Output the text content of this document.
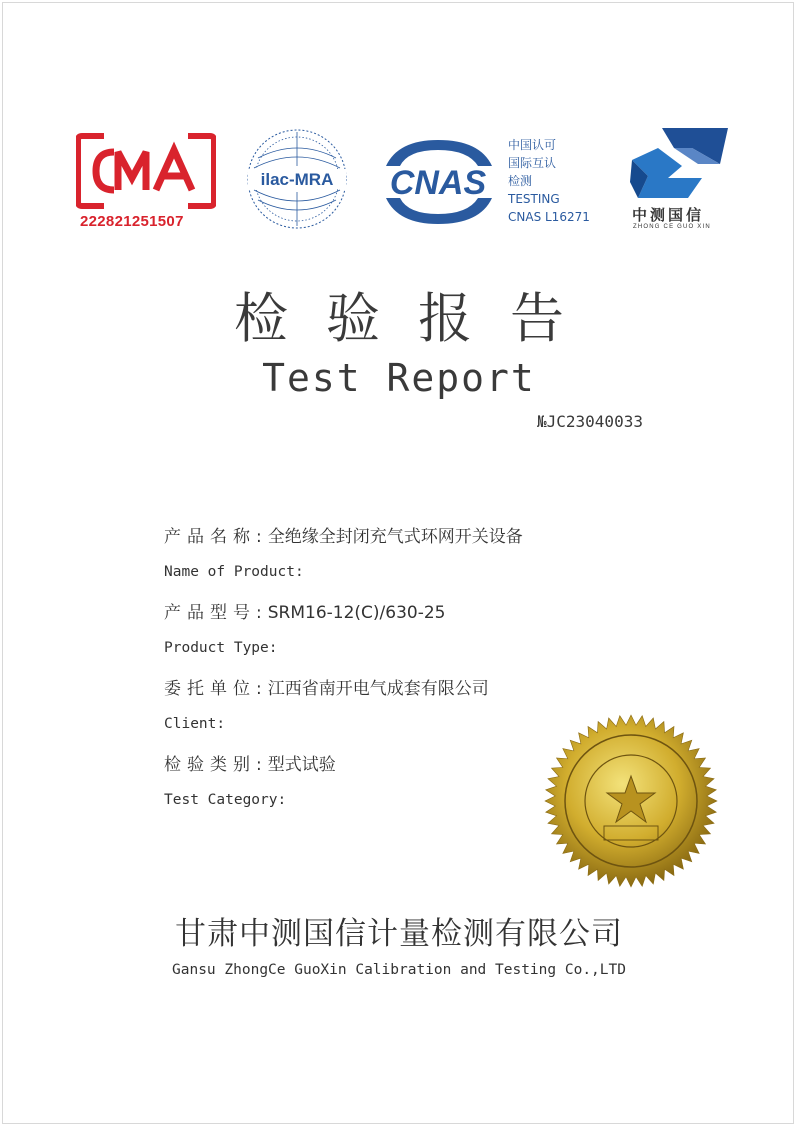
222821251507
ilac-MRA CNAS
中国认可
国际互认
检测
TESTING
CNAS L16271	中测国信
ZHONG CE GUO XIN
检验报告
Test Report
№JC23040033
产品名称:全绝缘全封闭充气式环网开关设备
Name of Product:
产品型号:SRM16-12(C)/630-25
Product Type:
委托单位:江西省南开电气成套有限公司
Client:
检验类别:型式试验
Test Category:
甘肃中测国信计量检测有限公司
Gansu ZhongCe GuoXin Calibration and Testing Co.,LTD
